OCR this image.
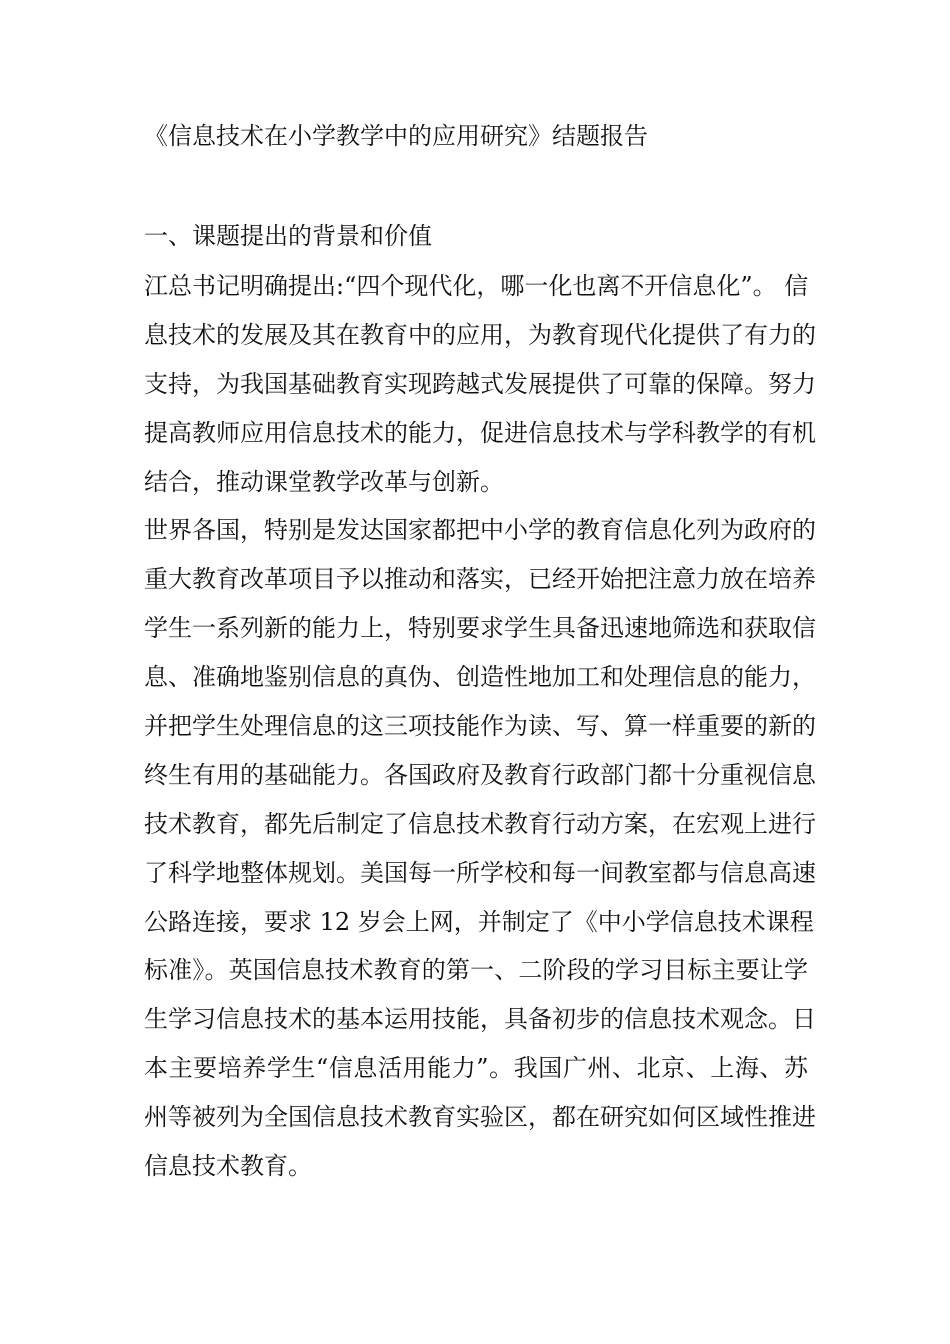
《信息技术在小学教学中的应用研究》结题报告
一、课题提出的背景和价值
江总书记明确提出:“四个现代化，哪一化也离不开信息化”。 信
息技术的发展及其在教育中的应用，为教育现代化提供了有力的
支持，为我国基础教育实现跨越式发展提供了可靠的保障。努力
提高教师应用信息技术的能力，促进信息技术与学科教学的有机
结合，推动课堂教学改革与创新。
世界各国，特别是发达国家都把中小学的教育信息化列为政府的
重大教育改革项目予以推动和落实，已经开始把注意力放在培养
学生一系列新的能力上，特别要求学生具备迅速地筛选和获取信
息、准确地鉴别信息的真伪、创造性地加工和处理信息的能力，
并把学生处理信息的这三项技能作为读、写、算一样重要的新的
终生有用的基础能力。各国政府及教育行政部门都十分重视信息
技术教育，都先后制定了信息技术教育行动方案，在宏观上进行
了科学地整体规划。美国每一所学校和每一间教室都与信息高速
公路连接，要求 12 岁会上网，并制定了《中小学信息技术课程
标准》。英国信息技术教育的第一、二阶段的学习目标主要让学
生学习信息技术的基本运用技能，具备初步的信息技术观念。日
本主要培养学生“信息活用能力”。我国广州、北京、上海、苏
州等被列为全国信息技术教育实验区，都在研究如何区域性推进
信息技术教育。
